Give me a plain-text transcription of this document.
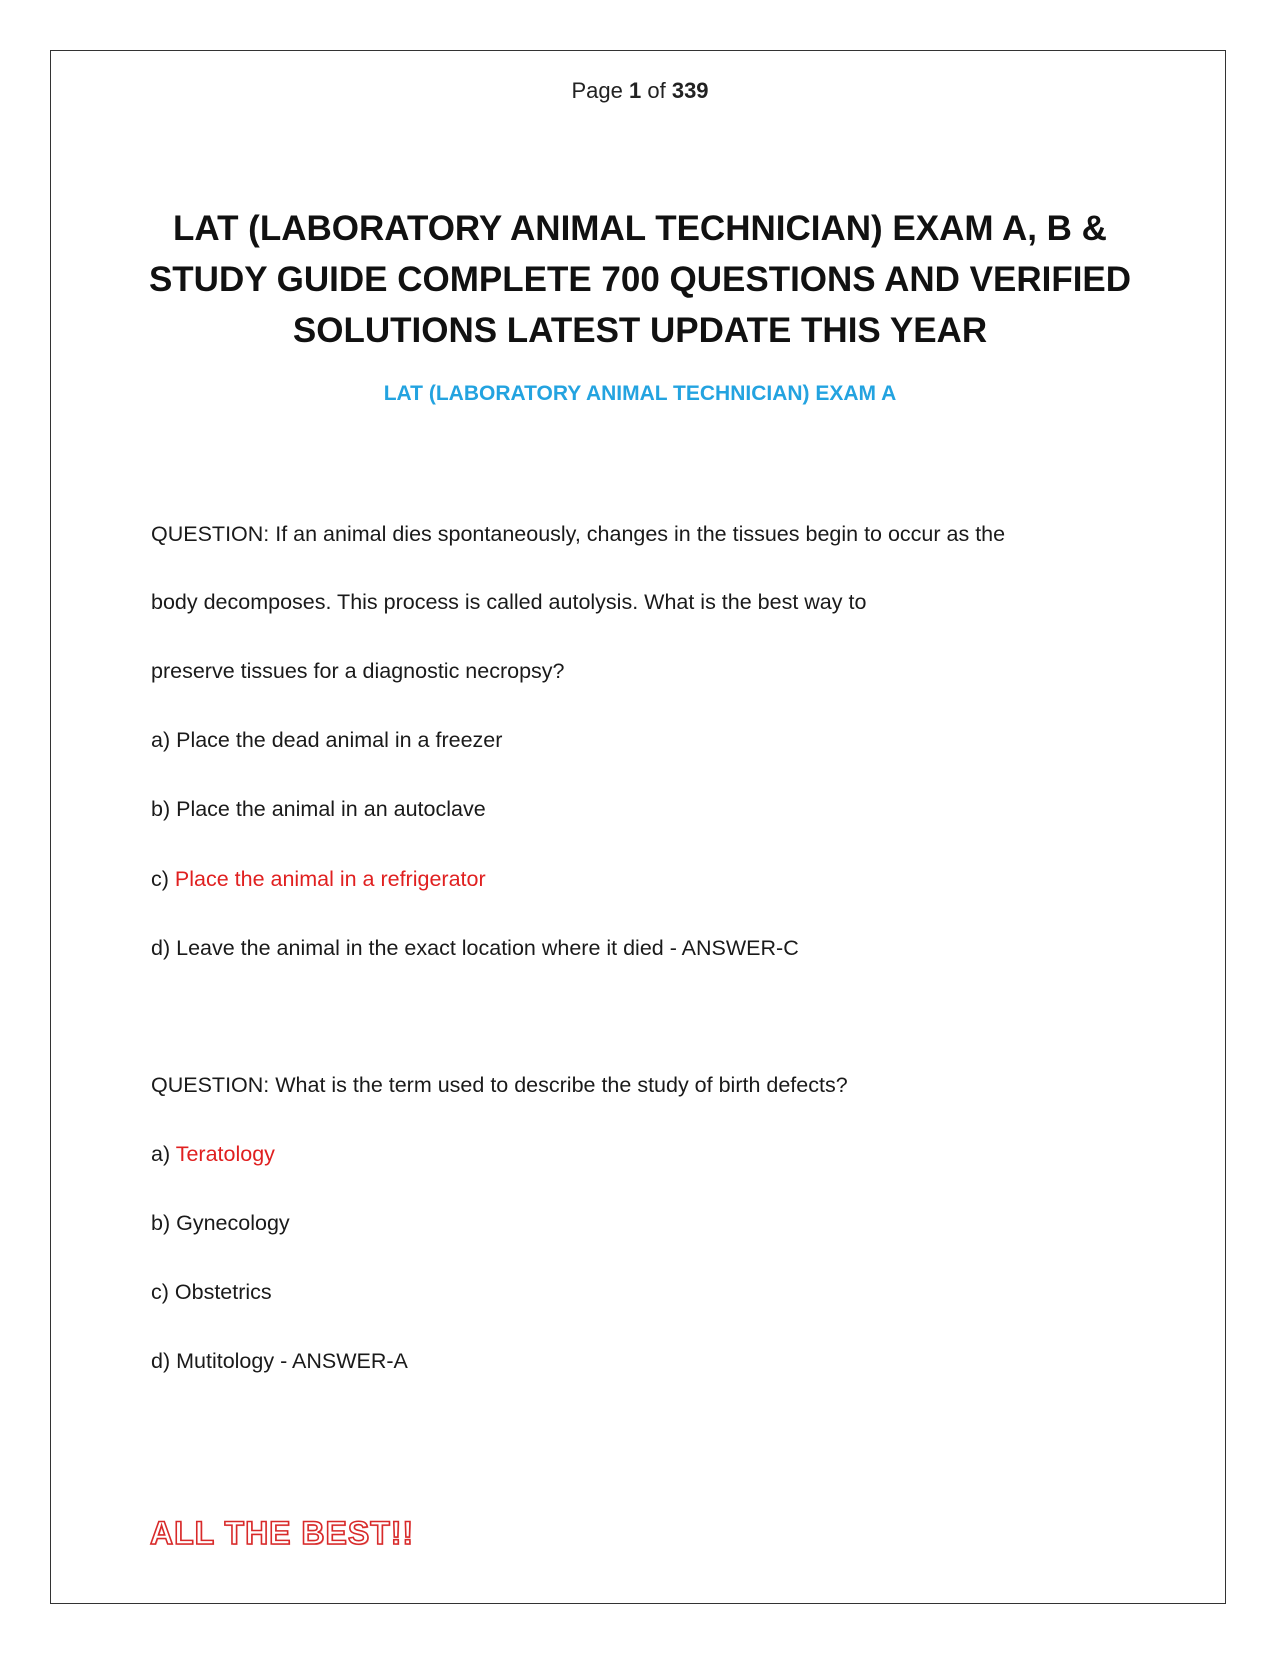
Page 1 of 339
LAT (LABORATORY ANIMAL TECHNICIAN) EXAM A, B & STUDY GUIDE COMPLETE 700 QUESTIONS AND VERIFIED SOLUTIONS LATEST UPDATE THIS YEAR
LAT (LABORATORY ANIMAL TECHNICIAN) EXAM A
QUESTION: If an animal dies spontaneously, changes in the tissues begin to occur as the
body decomposes. This process is called autolysis. What is the best way to
preserve tissues for a diagnostic necropsy?
a) Place the dead animal in a freezer
b) Place the animal in an autoclave
c) Place the animal in a refrigerator
d) Leave the animal in the exact location where it died - ANSWER-C
QUESTION: What is the term used to describe the study of birth defects?
a) Teratology
b) Gynecology
c) Obstetrics
d) Mutitology - ANSWER-A
ALL THE BEST!!
